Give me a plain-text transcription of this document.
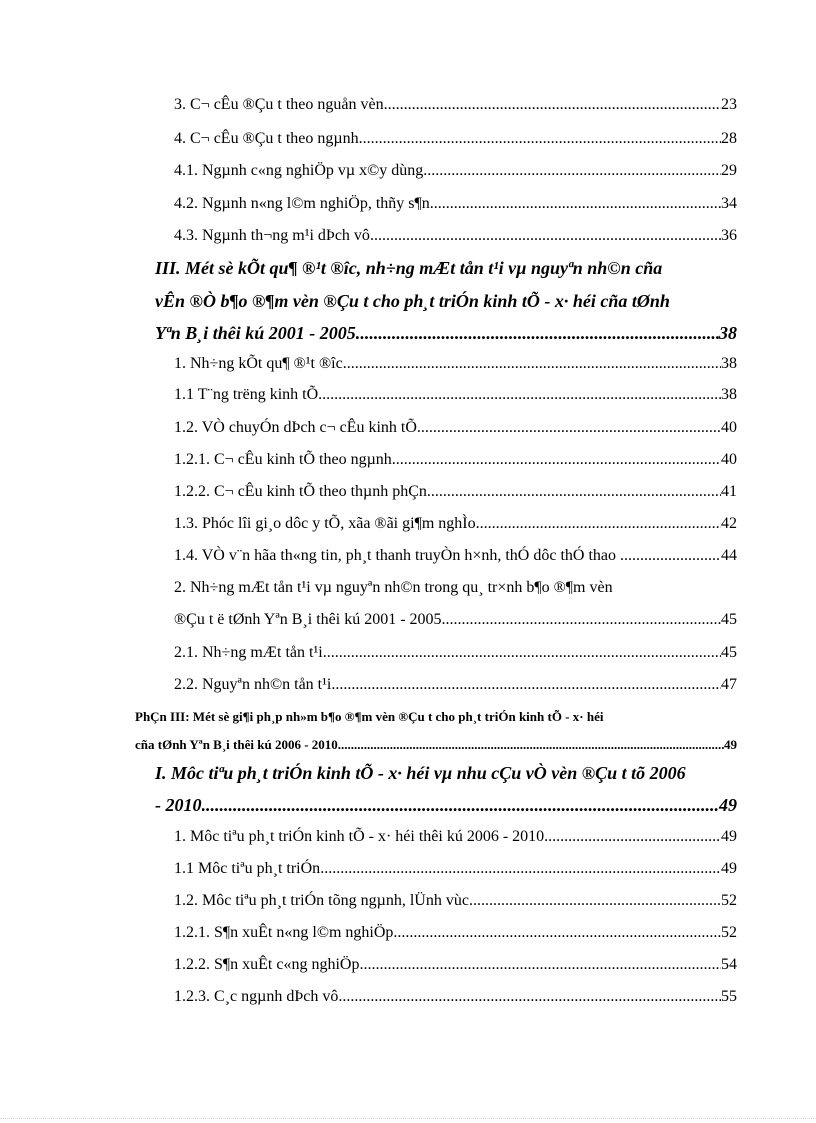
3. C¬ cÊu ®Çu t theo nguån vèn .....	23
4. C¬ cÊu ®Çu t theo ngµnh .....	28
4.1. Ngµnh c«ng nghiÖp vµ x©y dùng .....	29
4.2. Ngµnh n«ng l©m nghiÖp, thñy s¶n. .....	34
4.3. Ngµnh th¬ng m¹i dÞch vô .....	36
III. Mét sè kÕt qu¶ ®¹t ®îc, nh÷ng mÆt tån t¹i vµ nguyªn nh©n cña
vÊn ®Ò b¶o ®¶m vèn ®Çu t cho ph¸t triÓn kinh tÕ - x· héi cña tØnh
Yªn B¸i thêi kú 2001 - 2005. .....	38
1. Nh÷ng kÕt qu¶ ®¹t ®îc .....	38
1.1 T¨ng trëng kinh tÕ. .....	38
1.2. VÒ chuyÓn dÞch c¬ cÊu kinh tÕ .....	40
1.2.1. C¬ cÊu kinh tÕ theo ngµnh .....	40
1.2.2. C¬ cÊu kinh tÕ theo thµnh phÇn .....	41
1.3. Phóc lîi gi¸o dôc y tÕ, xãa ®ãi gi¶m nghÌo .....	42
1.4. VÒ v¨n hãa th«ng tin, ph¸t thanh truyÒn h×nh, thÓ dôc thÓ thao .. .....	44
2. Nh÷ng mÆt tån t¹i vµ nguyªn nh©n trong qu¸ tr×nh b¶o ®¶m vèn
®Çu t ë tØnh Yªn B¸i thêi kú 2001 - 2005 .....	45
2.1. Nh÷ng mÆt tån t¹i .....	45
2.2. Nguyªn nh©n tån t¹i .....	47
PhÇn III: Mét sè gi¶i ph¸p nh»m b¶o ®¶m vèn ®Çu t cho ph¸t triÓn kinh tÕ - x· héi
cña tØnh Yªn B¸i thêi kú 2006 - 2010. .....	49
I. Môc tiªu ph¸t triÓn kinh tÕ - x· héi vµ nhu cÇu vÒ vèn ®Çu t tõ 2006
- 2010 .....	49
1. Môc tiªu ph¸t triÓn kinh tÕ - x· héi thêi kú 2006 - 2010 .....	49
1.1 Môc tiªu ph¸t triÓn .....	49
1.2. Môc tiªu ph¸t triÓn tõng ngµnh, lÜnh vùc .....	52
1.2.1. S¶n xuÊt n«ng l©m nghiÖp .....	52
1.2.2. S¶n xuÊt c«ng nghiÖp .....	54
1.2.3. C¸c ngµnh dÞch vô .....	55
